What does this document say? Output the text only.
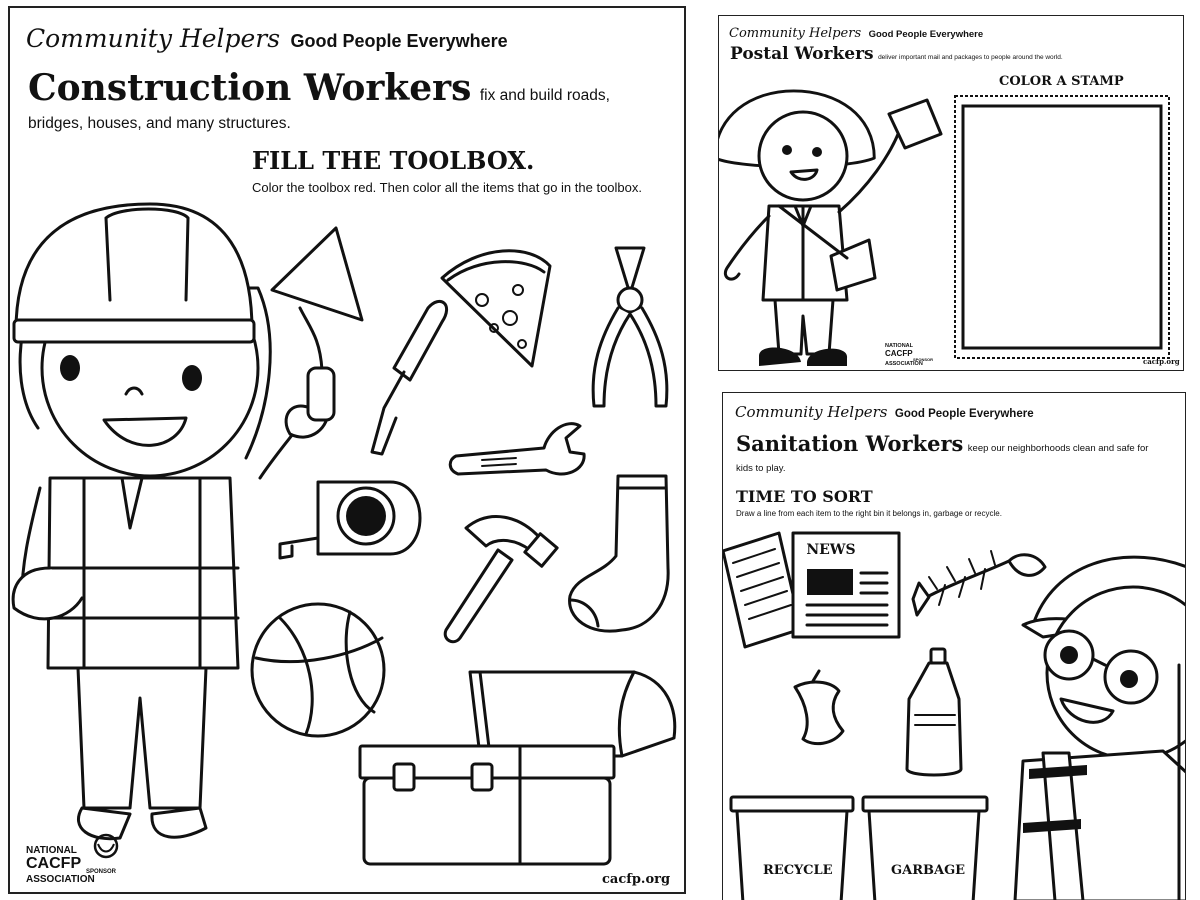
Community Helpers Good People Everywhere
Construction Workers fix and build roads, bridges, houses, and many structures.
FILL THE TOOLBOX.
Color the toolbox red. Then color all the items that go in the toolbox.
NATIONAL
CACFP SPONSOR
ASSOCIATION	cacfp.org
Community Helpers Good People Everywhere
Postal Workers deliver important mail and packages to people around the world.
COLOR A STAMP
NATIONAL
CACFP
SPONSOR
ASSOCIATION	cacfp.org
Community Helpers Good People Everywhere
Sanitation Workers keep our neighborhoods clean and safe for kids to play.
TIME TO SORT
Draw a line from each item to the right bin it belongs in, garbage or recycle.
NEWS
RECYCLE	GARBAGE
